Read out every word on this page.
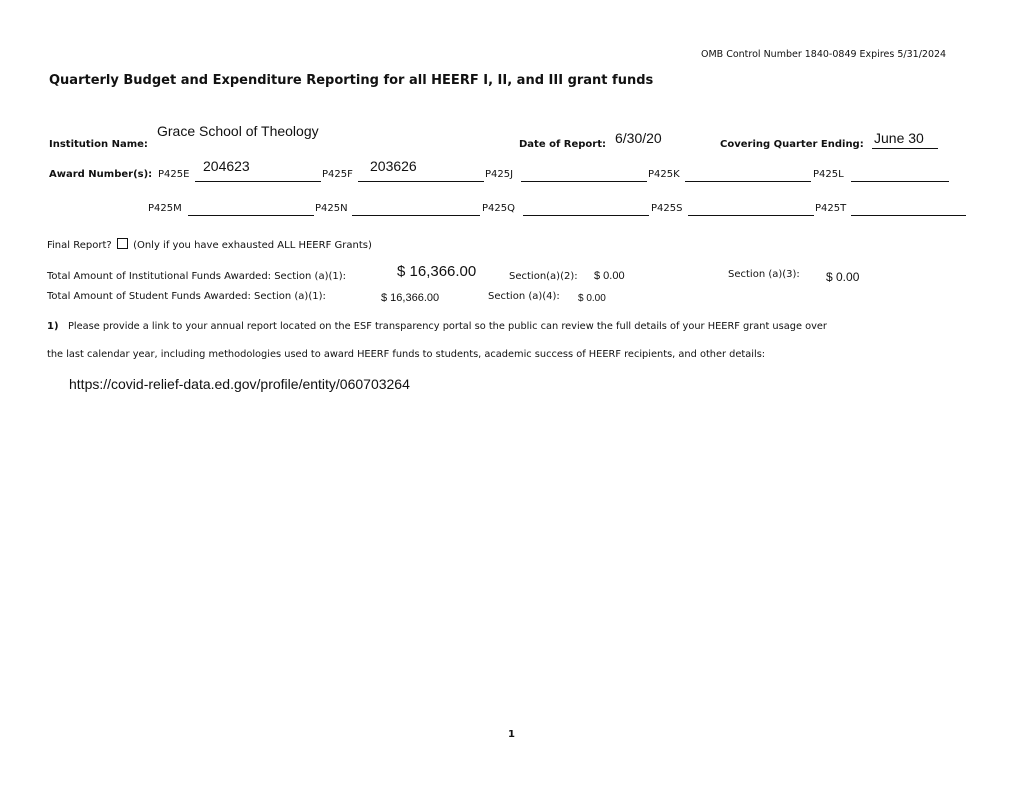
OMB Control Number 1840-0849 Expires 5/31/2024
Quarterly Budget and Expenditure Reporting for all HEERF I, II, and III grant funds
Institution Name:
Grace School of Theology
Date of Report: 6/30/20	Covering Quarter Ending: June 30
Award Number(s): P425E
204623
P425F
203626
P425J	P425K	P425L
P425M	P425N	P425Q	P425S	P425T
Final Report? (Only if you have exhausted ALL HEERF Grants)
Total Amount of Institutional Funds Awarded: Section (a)(1):	$ 16,366.00	Section(a)(2): $ 0.00	Section (a)(3): $ 0.00
Total Amount of Student Funds Awarded: Section (a)(1):	$ 16,366.00	Section (a)(4): $ 0.00
1) Please provide a link to your annual report located on the ESF transparency portal so the public can review the full details of your HEERF grant usage over
the last calendar year, including methodologies used to award HEERF funds to students, academic success of HEERF recipients, and other details:
https://covid-relief-data.ed.gov/profile/entity/060703264
1
